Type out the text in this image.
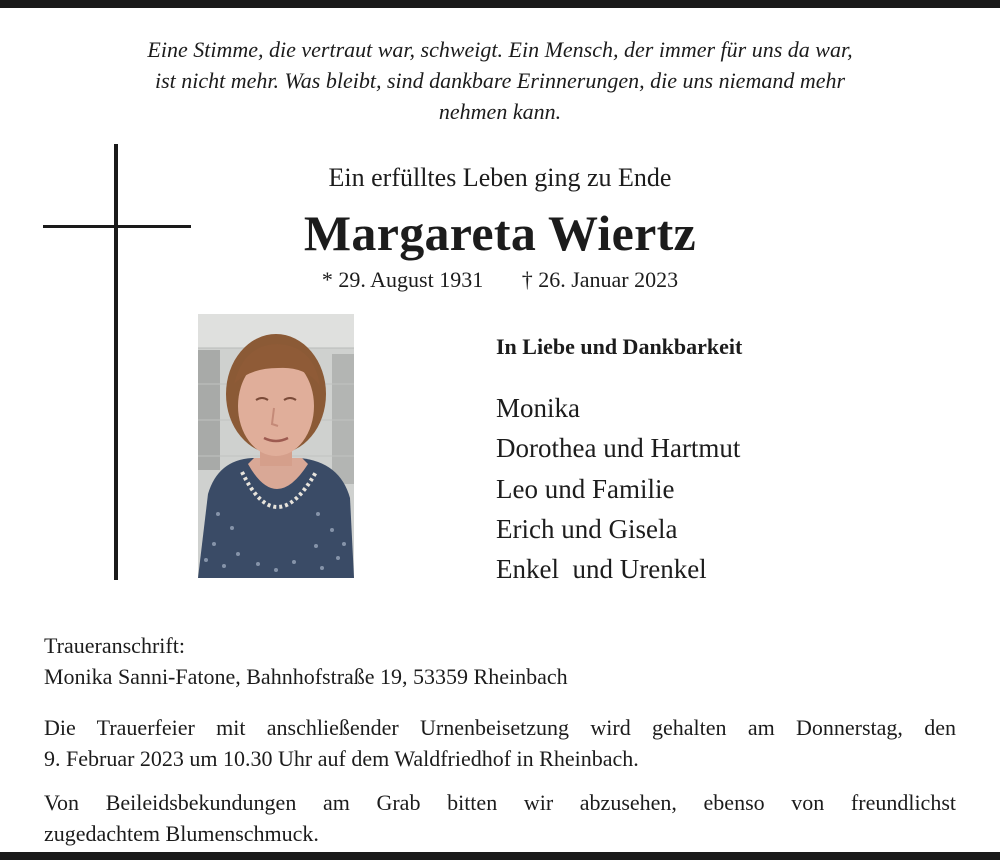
Eine Stimme, die vertraut war, schweigt. Ein Mensch, der immer für uns da war,
ist nicht mehr. Was bleibt, sind dankbare Erinnerungen, die uns niemand mehr
nehmen kann.
Ein erfülltes Leben ging zu Ende
Margareta Wiertz
* 29. August 1931 † 26. Januar 2023
In Liebe und Dankbarkeit
Monika
Dorothea und Hartmut
Leo und Familie
Erich und Gisela
Enkel  und Urenkel
Traueranschrift:
Monika Sanni-Fatone, Bahnhofstraße 19, 53359 Rheinbach
Die Trauerfeier mit anschließender Urnenbeisetzung wird gehalten am Donnerstag, den
9. Februar 2023 um 10.30 Uhr auf dem Waldfriedhof in Rheinbach.
Von Beileidsbekundungen am Grab bitten wir abzusehen, ebenso von freundlichst
zugedachtem Blumenschmuck.
